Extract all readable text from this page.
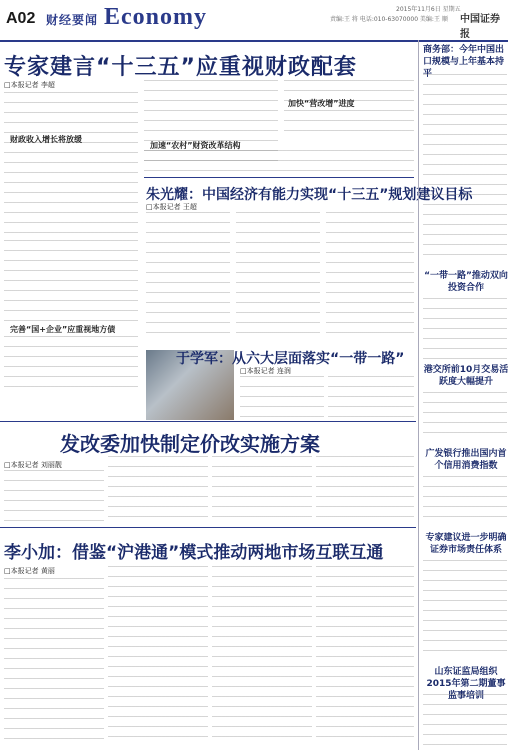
A02 财经要闻 Economy	2015年11月6日 星期五
责编:王 将 电话:010-63070000 美编:王 顺 中国证券报
专家建言“十三五”应重视财政配套
□本报记者 李超
财政收入增长将放缓
完善“国+企业”应重视地方债
加快“营改增”进度
加速“农村”财资改革结构
朱光耀：中国经济有能力实现“十三五”规划建议目标
□本报记者 王超
于学军：从六大层面落实“一带一路”
□本报记者 连润
发改委加快制定价改实施方案
□本报记者 刘丽靓
李小加：借鉴“沪港通”模式推动两地市场互联互通
□本报记者 黄丽
商务部：今年中国出口规模与上年基本持平
“一带一路”推动双向投资合作
港交所前10月交易活跃度大幅提升
广发银行推出国内首个信用消费指数
专家建议进一步明确证券市场责任体系
山东证监局组织2015年第二期董事监事培训
